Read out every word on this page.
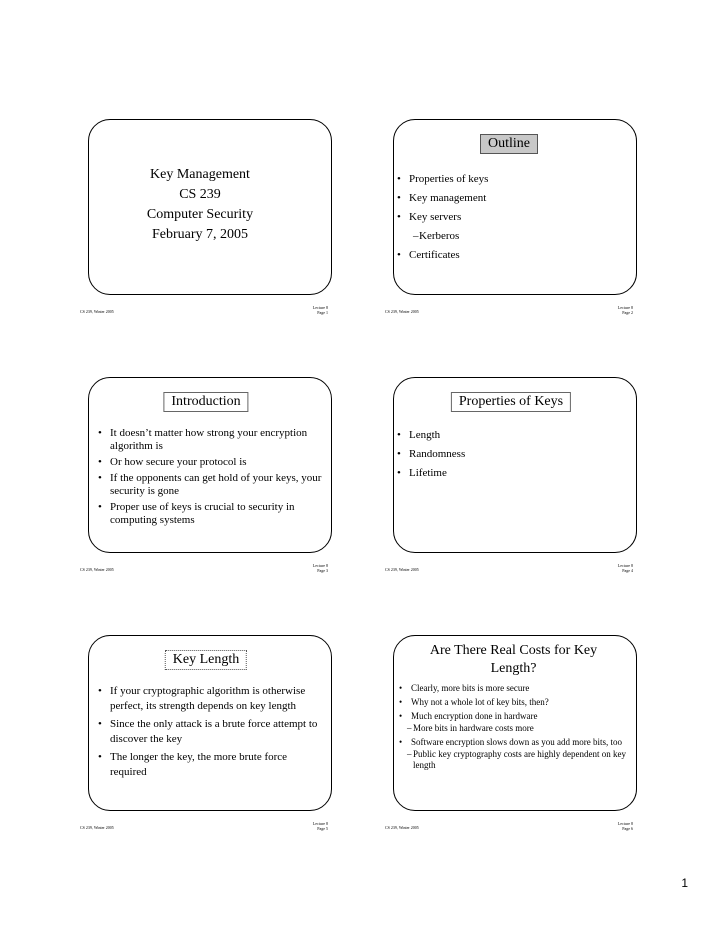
Key Management
CS 239
Computer Security
February 7, 2005
CS 239, Winter 2005
Lecture 8
Page 1
Outline
• Properties of keys
• Key management
• Key servers
– Kerberos
• Certificates
CS 239, Winter 2005
Lecture 8
Page 2
Introduction
• It doesn’t matter how strong your encryption algorithm is
• Or how secure your protocol is
• If the opponents can get hold of your keys, your security is gone
• Proper use of keys is crucial to security in computing systems
CS 239, Winter 2005
Lecture 8
Page 3
Properties of Keys
• Length
• Randomness
• Lifetime
CS 239, Winter 2005
Lecture 8
Page 4
Key Length
• If your cryptographic algorithm is otherwise perfect, its strength depends on key length
• Since the only attack is a brute force attempt to discover the key
• The longer the key, the more brute force required
CS 239, Winter 2005
Lecture 8
Page 5
Are There Real Costs for Key Length?
• Clearly, more bits is more secure
• Why not a whole lot of key bits, then?
• Much encryption done in hardware
– More bits in hardware costs more
• Software encryption slows down as you add more bits, too
– Public key cryptography costs are highly dependent on key length
CS 239, Winter 2005
Lecture 8
Page 6
1
